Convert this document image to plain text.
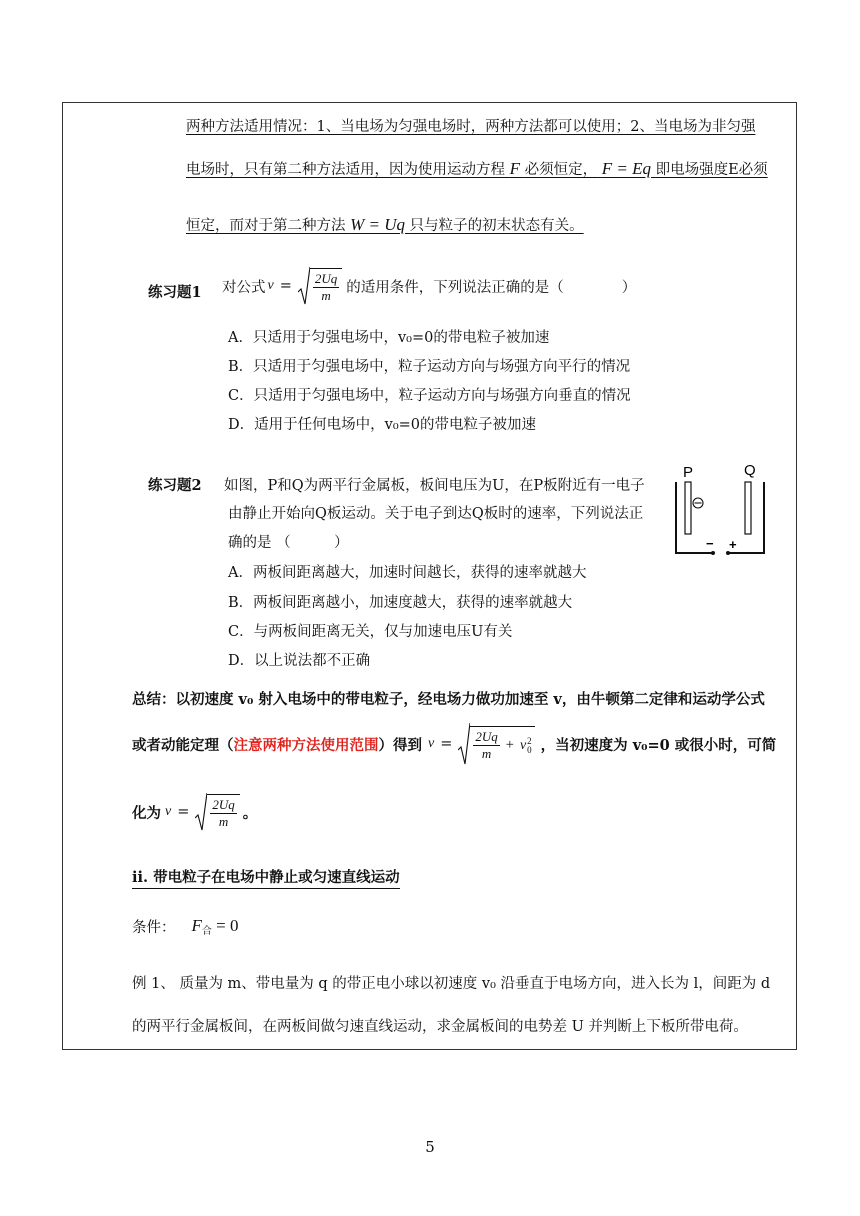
两种方法适用情况：1、当电场为匀强电场时，两种方法都可以使用；2、当电场为非匀强
电场时，只有第二种方法适用，因为使用运动方程 F 必须恒定， F = Eq 即电场强度E必须
恒定，而对于第二种方法 W = Uq 只与粒子的初末状态有关。
练习题1 对公式 $v = \frac{2Uq}{m}$ 的适用条件，下列说法正确的是（　　　　）
A．只适用于匀强电场中，v₀=0的带电粒子被加速
B．只适用于匀强电场中，粒子运动方向与场强方向平行的情况
C．只适用于匀强电场中，粒子运动方向与场强方向垂直的情况
D．适用于任何电场中，v₀=0的带电粒子被加速
练习题2 如图，P和Q为两平行金属板，板间电压为U，在P板附近有一电子
由静止开始向Q板运动。关于电子到达Q板时的速率，下列说法正
确的是 （　　　）
A．两板间距离越大，加速时间越长，获得的速率就越大
B．两板间距离越小，加速度越大，获得的速率就越大
C．与两板间距离无关，仅与加速电压U有关
D．以上说法都不正确
P	Q
− +
总结：以初速度 v₀ 射入电场中的带电粒子，经电场力做功加速至 v，由牛顿第二定律和运动学公式
或者动能定理（ 注意两种方法使用范围 ）得到 $v = \frac{2Uq}{m} + v$ 2
0 ，当初速度为 v₀=0 或很小时，可简
化为 $v = \frac{2Uq}{m}$ 。
ii. 带电粒子在电场中静止或匀速直线运动
条件： $F_合 = 0$
例 1、 质量为 m、带电量为 q 的带正电小球以初速度 v₀ 沿垂直于电场方向，进入长为 l，间距为 d
的两平行金属板间，在两板间做匀速直线运动，求金属板间的电势差 U 并判断上下板所带电荷。
5
